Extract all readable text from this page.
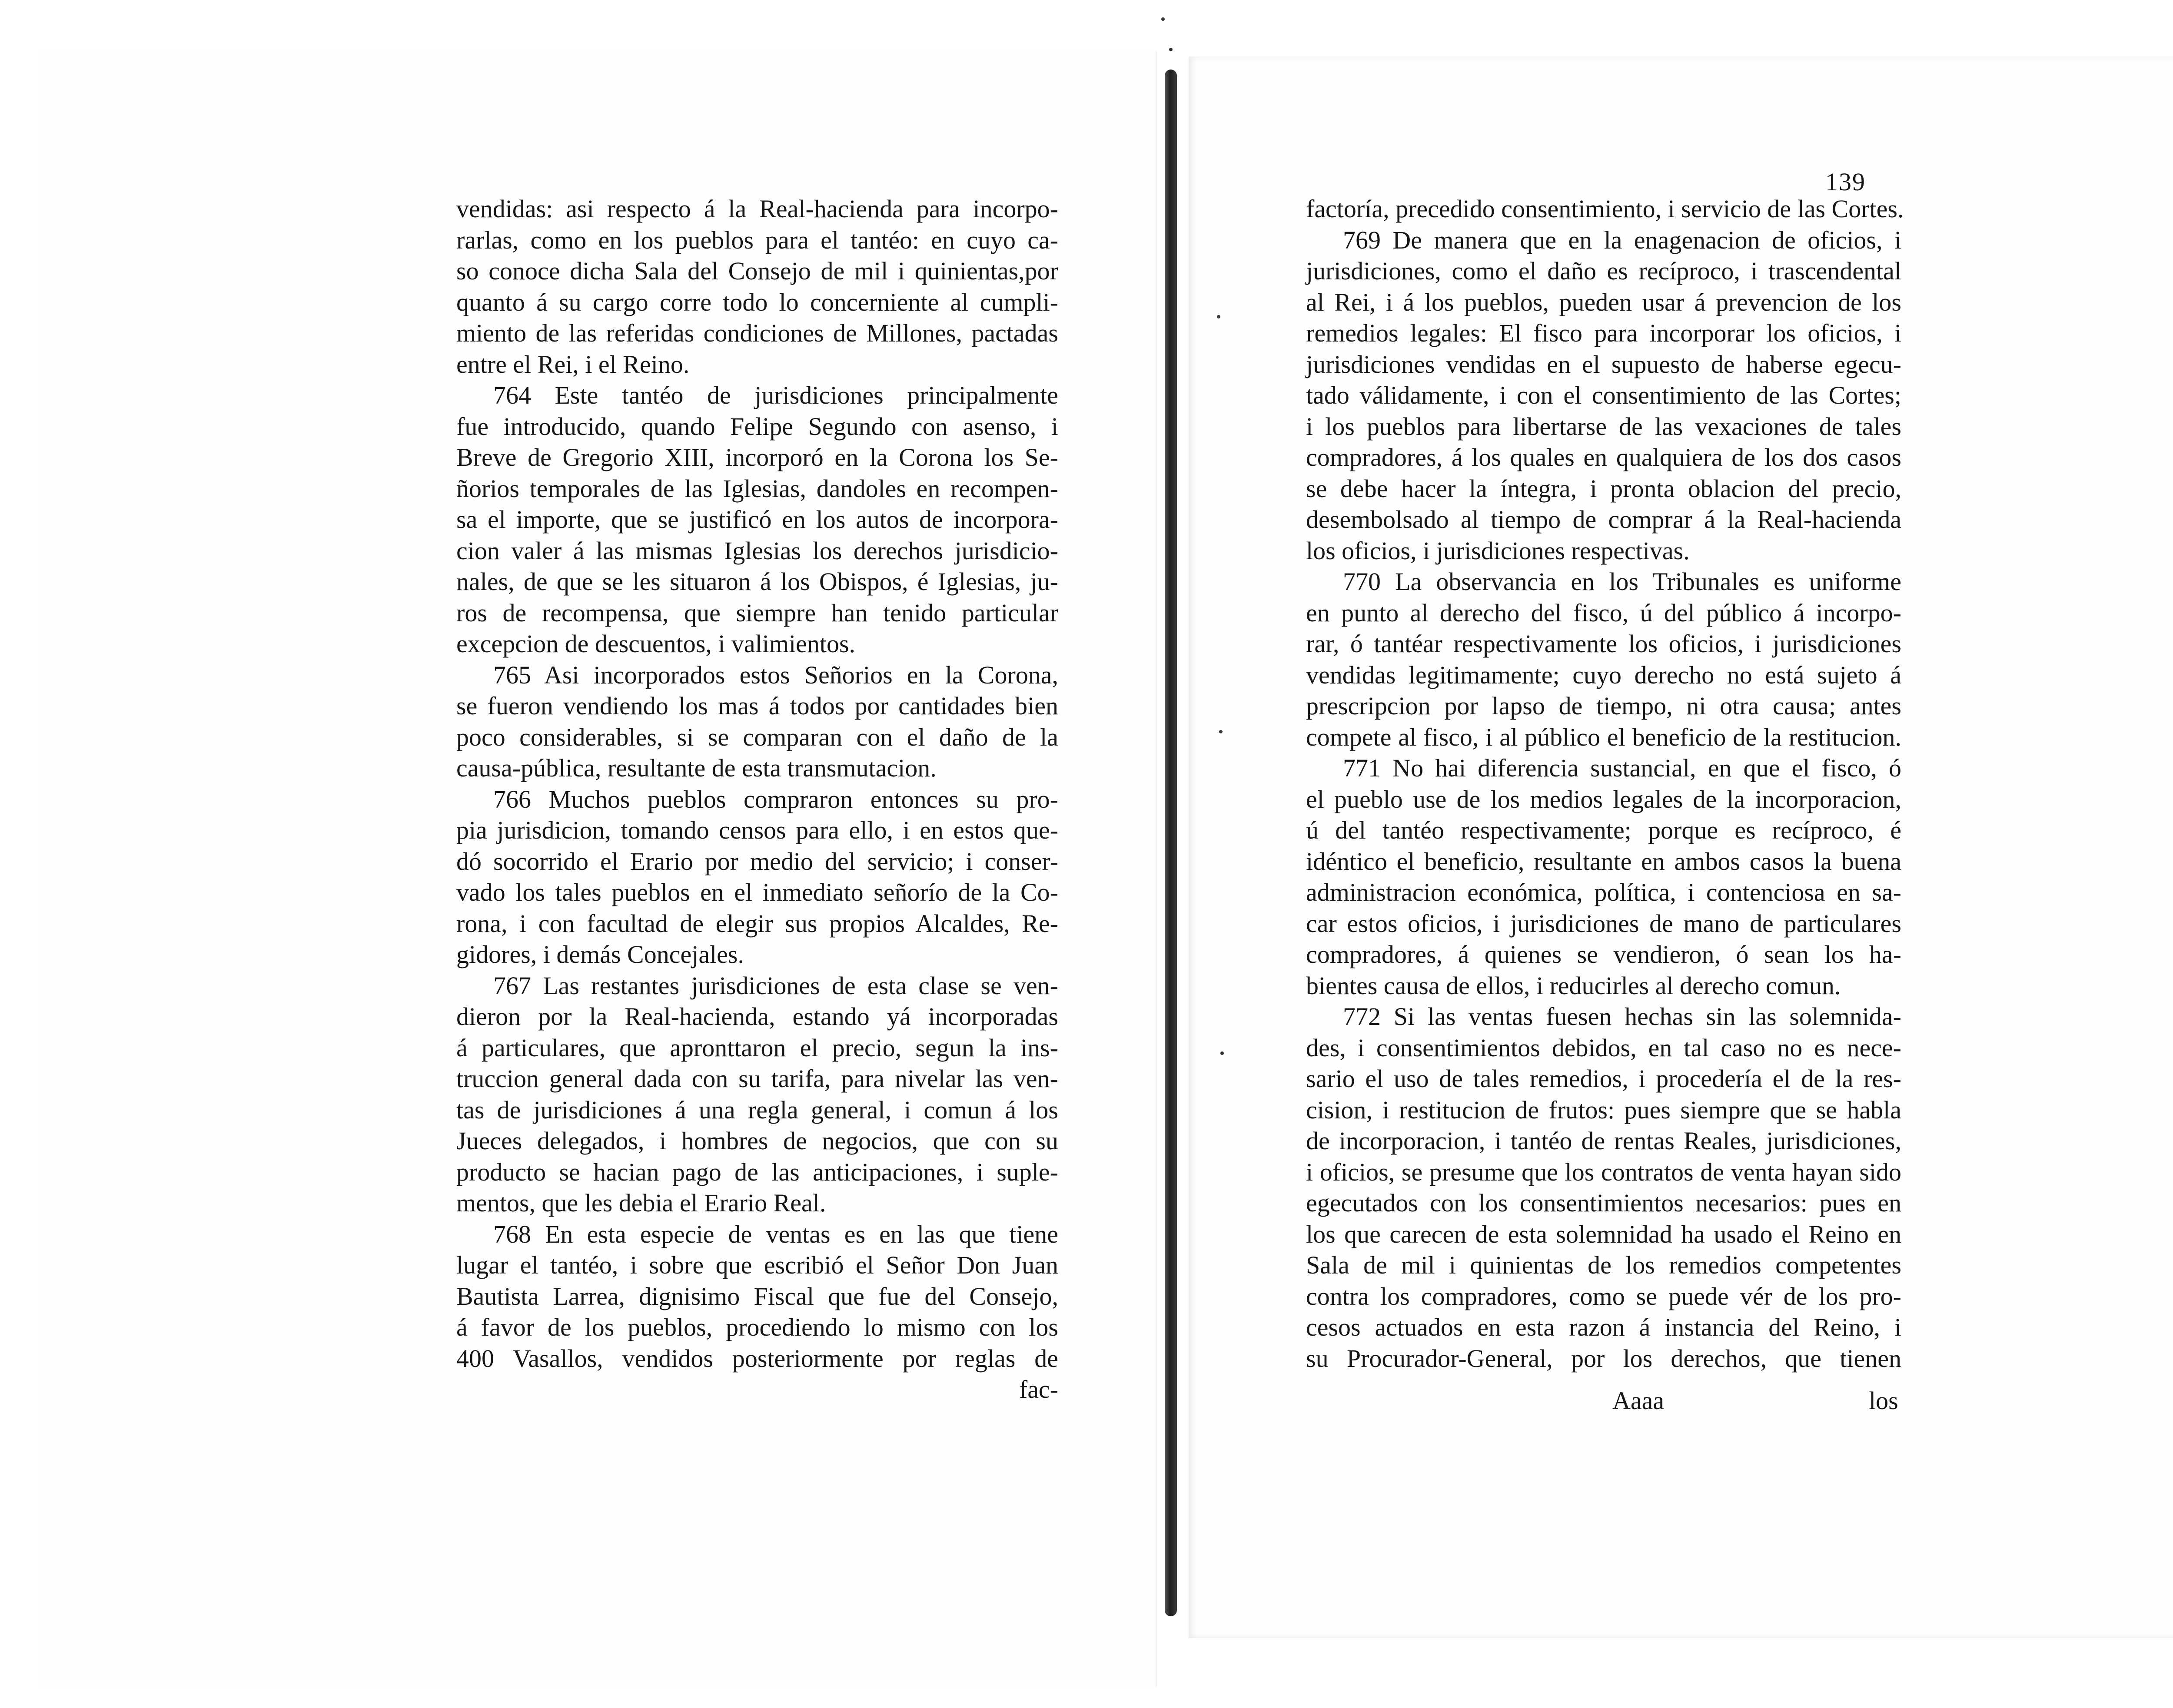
vendidas: asi respecto á la Real-hacienda para incorpo-
rarlas, como en los pueblos para el tantéo: en cuyo ca-
so conoce dicha Sala del Consejo de mil i quinientas,por
quanto á su cargo corre todo lo concerniente al cumpli-
miento de las referidas condiciones de Millones, pactadas
entre el Rei, i el Reino.
764 Este tantéo de jurisdiciones principalmente
fue introducido, quando Felipe Segundo con asenso, i
Breve de Gregorio XIII, incorporó en la Corona los Se-
ñorios temporales de las Iglesias, dandoles en recompen-
sa el importe, que se justificó en los autos de incorpora-
cion valer á las mismas Iglesias los derechos jurisdicio-
nales, de que se les situaron á los Obispos, é Iglesias, ju-
ros de recompensa, que siempre han tenido particular
excepcion de descuentos, i valimientos.
765 Asi incorporados estos Señorios en la Corona,
se fueron vendiendo los mas á todos por cantidades bien
poco considerables, si se comparan con el daño de la
causa-pública, resultante de esta transmutacion.
766 Muchos pueblos compraron entonces su pro-
pia jurisdicion, tomando censos para ello, i en estos que-
dó socorrido el Erario por medio del servicio; i conser-
vado los tales pueblos en el inmediato señorío de la Co-
rona, i con facultad de elegir sus propios Alcaldes, Re-
gidores, i demás Concejales.
767 Las restantes jurisdiciones de esta clase se ven-
dieron por la Real-hacienda, estando yá incorporadas
á particulares, que apronttaron el precio, segun la ins-
truccion general dada con su tarifa, para nivelar las ven-
tas de jurisdiciones á una regla general, i comun á los
Jueces delegados, i hombres de negocios, que con su
producto se hacian pago de las anticipaciones, i suple-
mentos, que les debia el Erario Real.
768 En esta especie de ventas es en las que tiene
lugar el tantéo, i sobre que escribió el Señor Don Juan
Bautista Larrea, dignisimo Fiscal que fue del Consejo,
á favor de los pueblos, procediendo lo mismo con los
400 Vasallos, vendidos posteriormente por reglas de
fac-
139
factoría, precedido consentimiento, i servicio de las Cortes.
769 De manera que en la enagenacion de oficios, i
jurisdiciones, como el daño es recíproco, i trascendental
al Rei, i á los pueblos, pueden usar á prevencion de los
remedios legales: El fisco para incorporar los oficios, i
jurisdiciones vendidas en el supuesto de haberse egecu-
tado válidamente, i con el consentimiento de las Cortes;
i los pueblos para libertarse de las vexaciones de tales
compradores, á los quales en qualquiera de los dos casos
se debe hacer la íntegra, i pronta oblacion del precio,
desembolsado al tiempo de comprar á la Real-hacienda
los oficios, i jurisdiciones respectivas.
770 La observancia en los Tribunales es uniforme
en punto al derecho del fisco, ú del público á incorpo-
rar, ó tantéar respectivamente los oficios, i jurisdiciones
vendidas legitimamente; cuyo derecho no está sujeto á
prescripcion por lapso de tiempo, ni otra causa; antes
compete al fisco, i al público el beneficio de la restitucion.
771 No hai diferencia sustancial, en que el fisco, ó
el pueblo use de los medios legales de la incorporacion,
ú del tantéo respectivamente; porque es recíproco, é
idéntico el beneficio, resultante en ambos casos la buena
administracion económica, política, i contenciosa en sa-
car estos oficios, i jurisdiciones de mano de particulares
compradores, á quienes se vendieron, ó sean los ha-
bientes causa de ellos, i reducirles al derecho comun.
772 Si las ventas fuesen hechas sin las solemnida-
des, i consentimientos debidos, en tal caso no es nece-
sario el uso de tales remedios, i procedería el de la res-
cision, i restitucion de frutos: pues siempre que se habla
de incorporacion, i tantéo de rentas Reales, jurisdiciones,
i oficios, se presume que los contratos de venta hayan sido
egecutados con los consentimientos necesarios: pues en
los que carecen de esta solemnidad ha usado el Reino en
Sala de mil i quinientas de los remedios competentes
contra los compradores, como se puede vér de los pro-
cesos actuados en esta razon á instancia del Reino, i
su Procurador-General, por los derechos, que tienen
Aaaa	los
